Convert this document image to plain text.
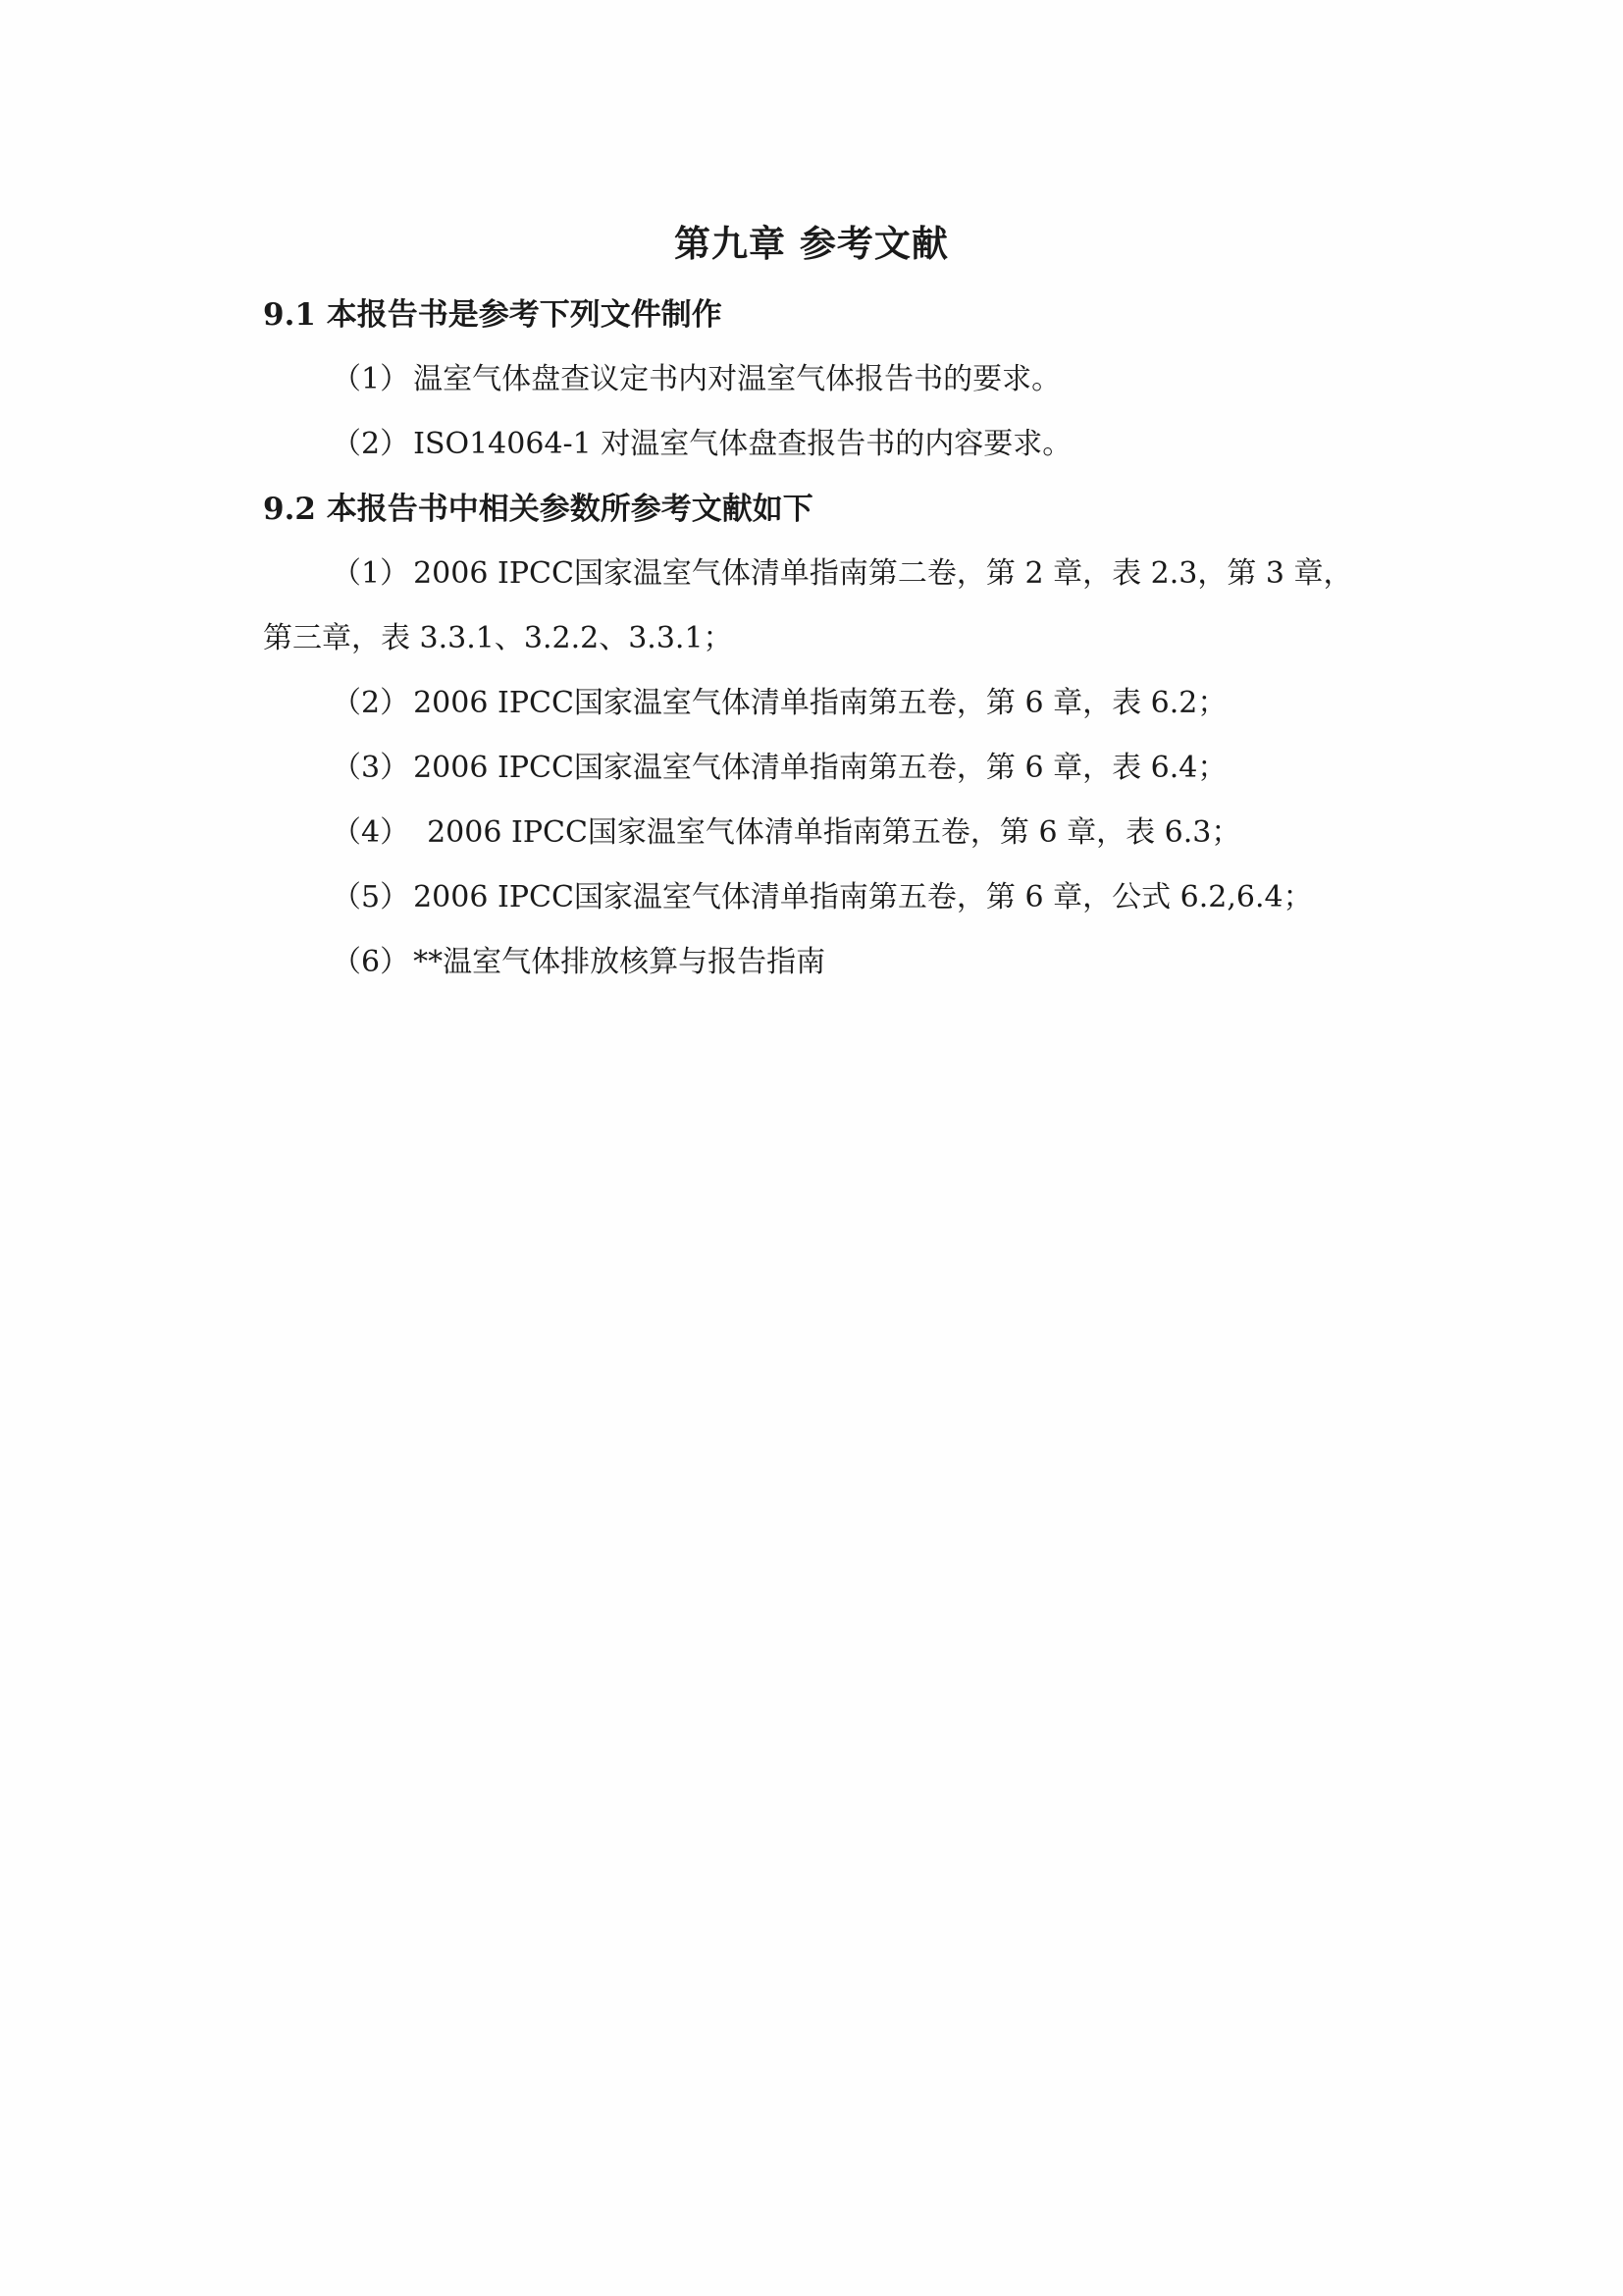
第九章 参考文献
9.1 本报告书是参考下列文件制作
（1） 温室气体盘查议定书内对温室气体报告书的要求。
（2） ISO14064-1 对温室气体盘查报告书的内容要求。
9.2 本报告书中相关参数所参考文献如下
（1） 2006 IPCC国家温室气体清单指南第二卷，第 2 章，表 2.3，第 3 章，
第三章，表 3.3.1、3.2.2、3.3.1；
（2） 2006 IPCC国家温室气体清单指南第五卷，第 6 章，表 6.2；
（3） 2006 IPCC国家温室气体清单指南第五卷，第 6 章，表 6.4；
（4） 2006 IPCC国家温室气体清单指南第五卷，第 6 章，表 6.3；
（5） 2006 IPCC国家温室气体清单指南第五卷，第 6 章，公式 6.2,6.4；
（6） **温室气体排放核算与报告指南
